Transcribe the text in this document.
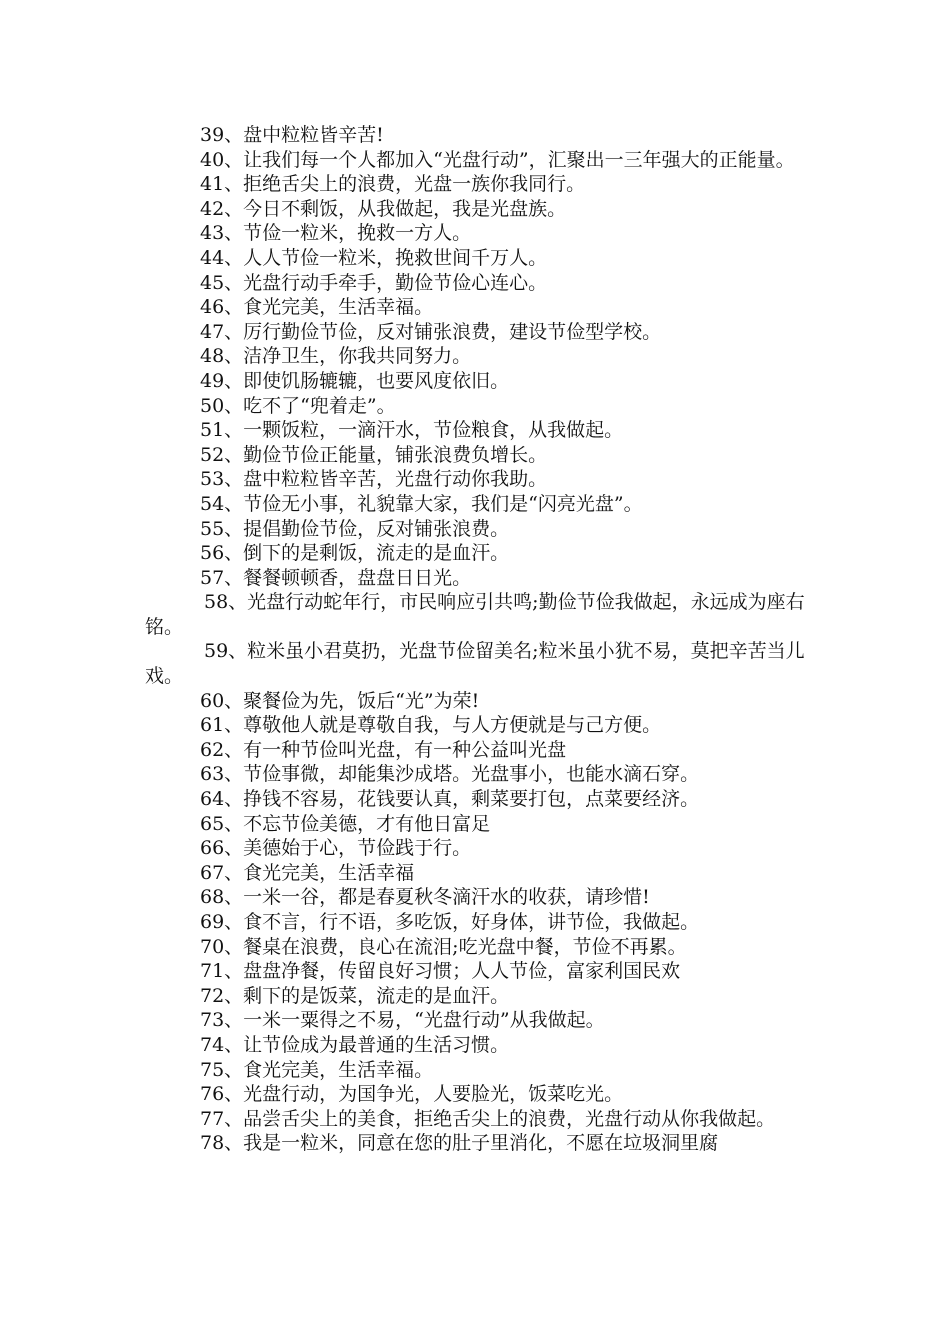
39、盘中粒粒皆辛苦!

40、让我们每一个人都加入“光盘行动”，汇聚出一三年强大的正能量。

41、拒绝舌尖上的浪费，光盘一族你我同行。

42、今日不剩饭，从我做起，我是光盘族。

43、节俭一粒米，挽救一方人。

44、人人节俭一粒米，挽救世间千万人。

45、光盘行动手牵手，勤俭节俭心连心。

46、食光完美，生活幸福。

47、厉行勤俭节俭，反对铺张浪费，建设节俭型学校。

48、洁净卫生，你我共同努力。

49、即使饥肠辘辘，也要风度依旧。

50、吃不了“兜着走”。

51、一颗饭粒，一滴汗水，节俭粮食，从我做起。

52、勤俭节俭正能量，铺张浪费负增长。

53、盘中粒粒皆辛苦，光盘行动你我助。

54、节俭无小事，礼貌靠大家，我们是“闪亮光盘”。

55、提倡勤俭节俭，反对铺张浪费。

56、倒下的是剩饭，流走的是血汗。

57、餐餐顿顿香，盘盘日日光。

58、光盘行动蛇年行，市民响应引共鸣;勤俭节俭我做起，永远成为座右铭。

59、粒米虽小君莫扔，光盘节俭留美名;粒米虽小犹不易，莫把辛苦当儿戏。

60、聚餐俭为先，饭后“光”为荣!

61、尊敬他人就是尊敬自我，与人方便就是与己方便。

62、有一种节俭叫光盘，有一种公益叫光盘

63、节俭事微，却能集沙成塔。光盘事小，也能水滴石穿。

64、挣钱不容易，花钱要认真，剩菜要打包，点菜要经济。

65、不忘节俭美德，才有他日富足

66、美德始于心，节俭践于行。

67、食光完美，生活幸福

68、一米一谷，都是春夏秋冬滴汗水的收获，请珍惜!

69、食不言，行不语，多吃饭，好身体，讲节俭，我做起。

70、餐桌在浪费，良心在流泪;吃光盘中餐，节俭不再累。

71、盘盘净餐，传留良好习惯；人人节俭，富家利国民欢

72、剩下的是饭菜，流走的是血汗。

73、一米一粟得之不易，“光盘行动”从我做起。

74、让节俭成为最普通的生活习惯。

75、食光完美，生活幸福。

76、光盘行动，为国争光，人要脸光，饭菜吃光。

77、品尝舌尖上的美食，拒绝舌尖上的浪费，光盘行动从你我做起。

78、我是一粒米，同意在您的肚子里消化，不愿在垃圾洞里腐
